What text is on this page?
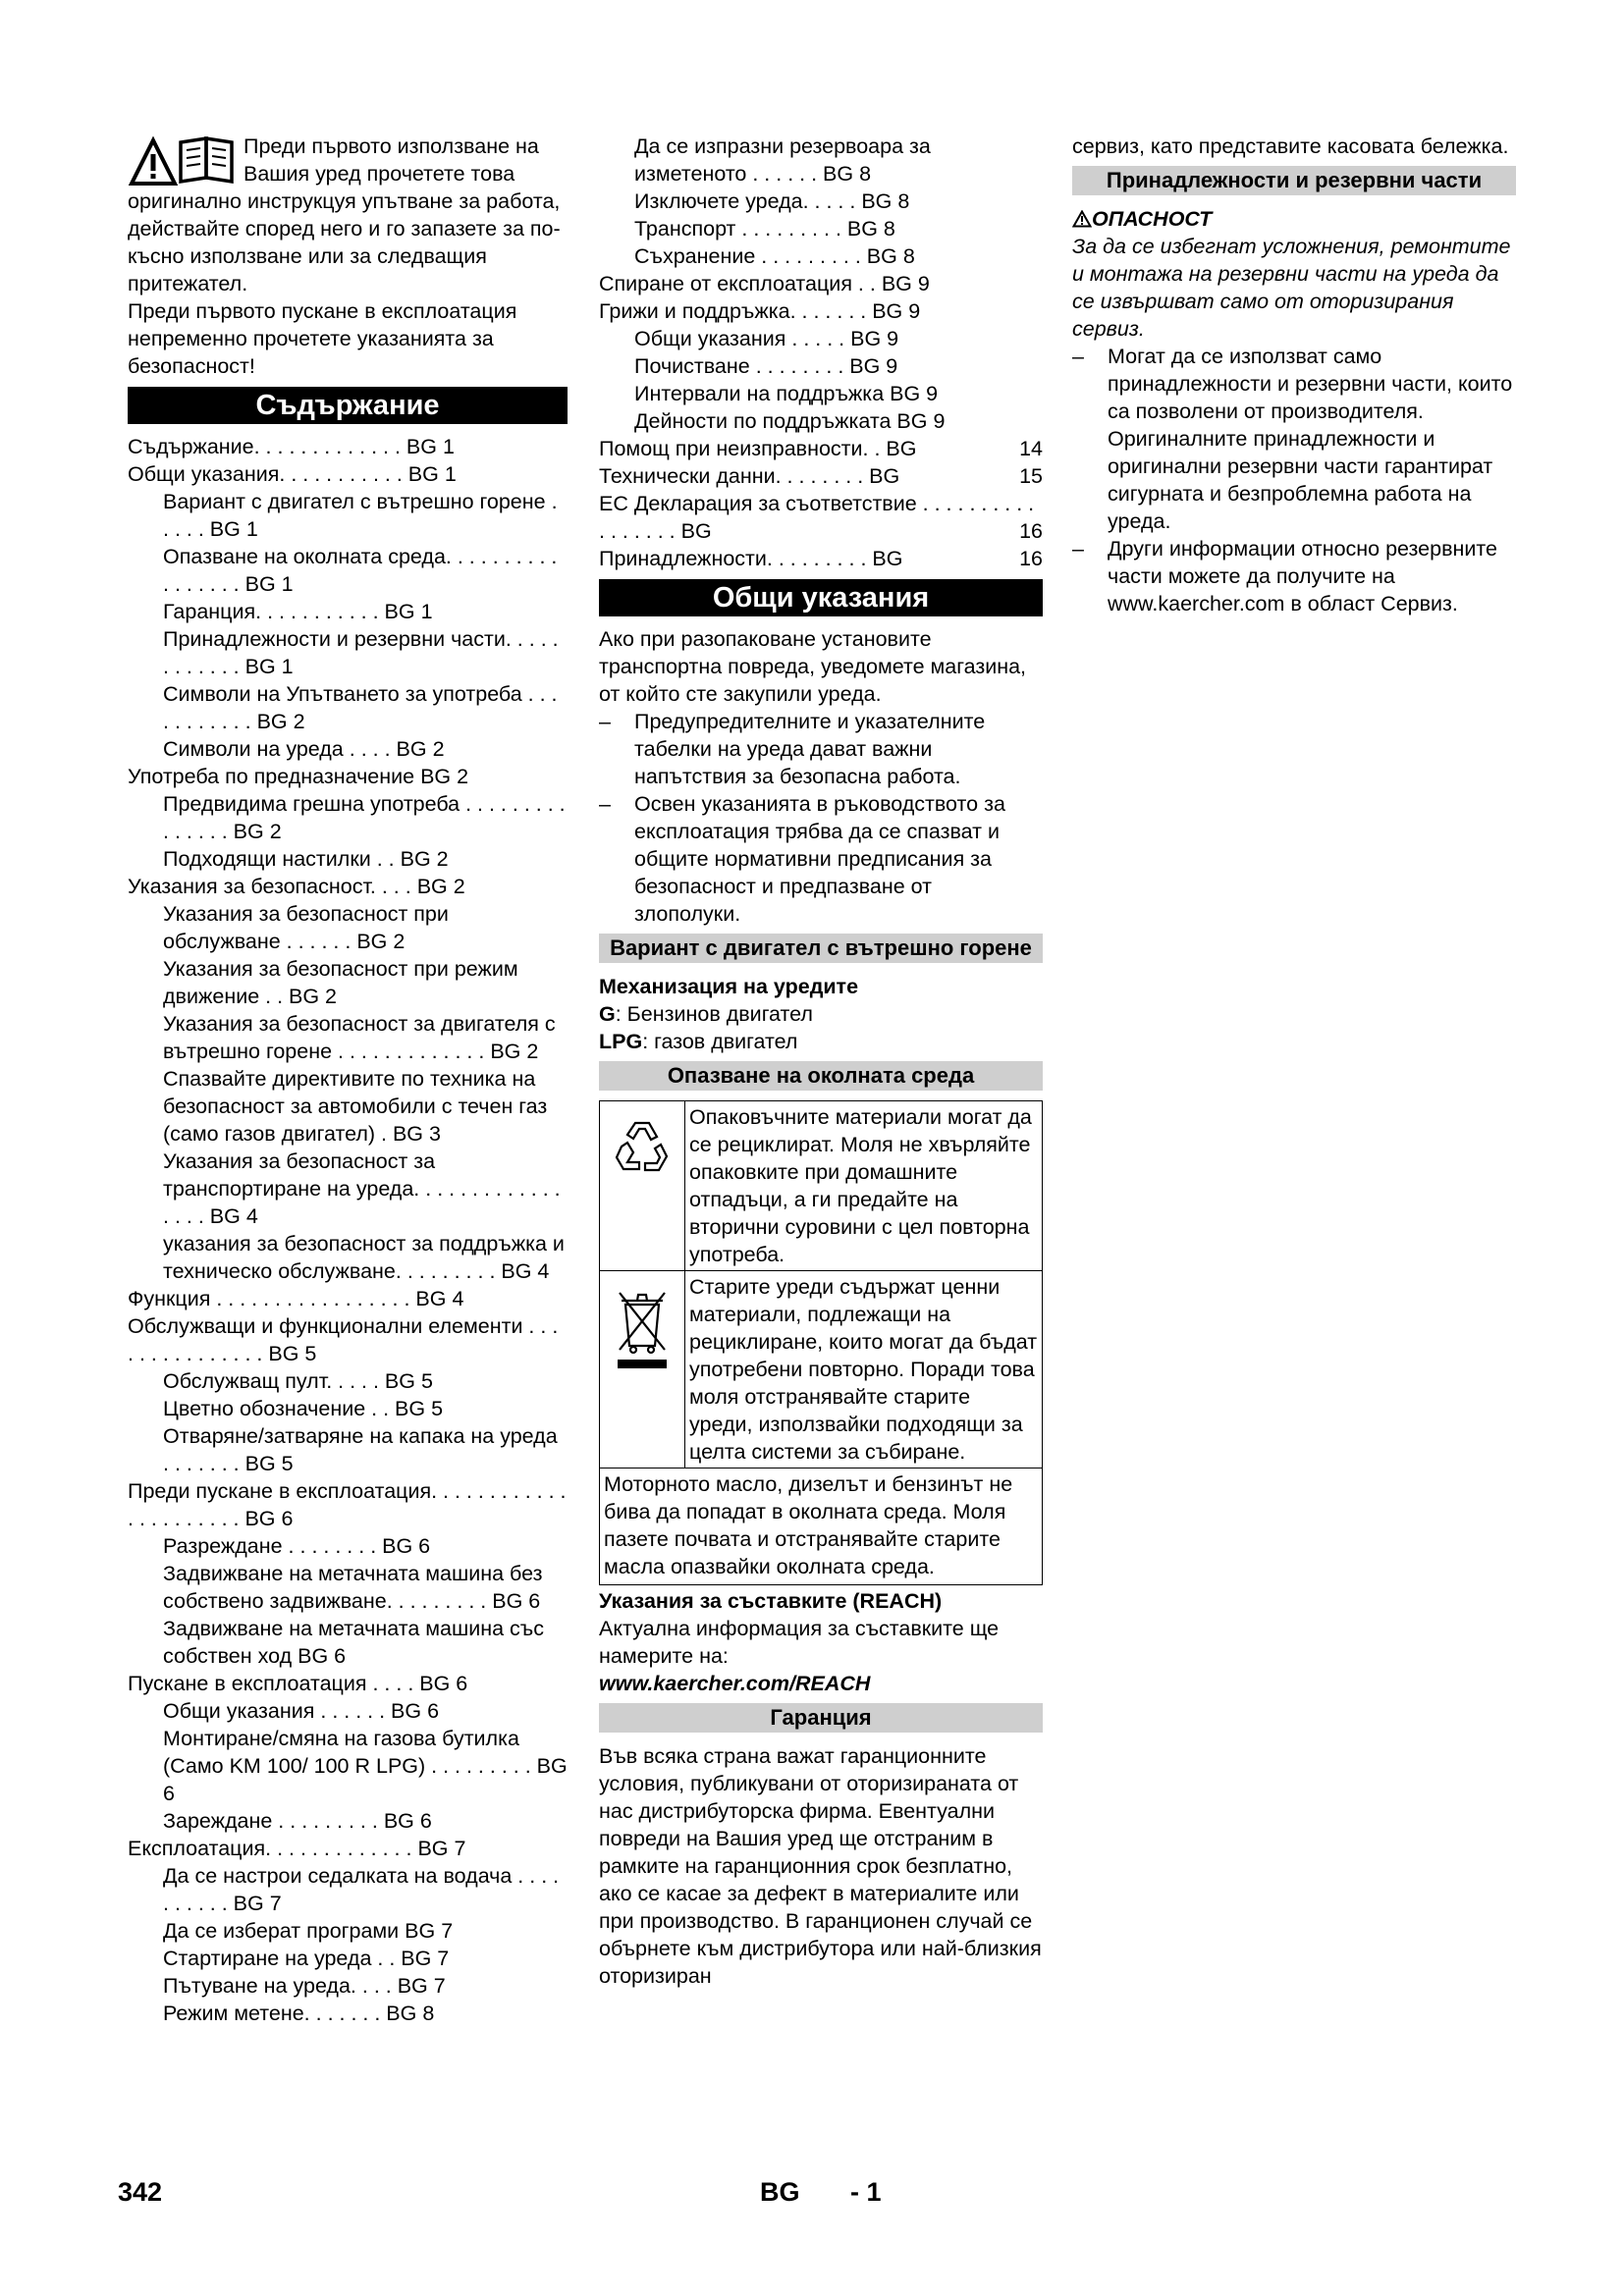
Преди първото използване на Вашия уред прочетете това

оригинално инструкцуя упътване за работа, действайте според него и го запазете за по-късно използване или за следващия притежател.

Преди първото пускане в експлоатация непременно прочетете указанията за безопасност!

Съдържание
Съдържание. . . . . . . . . . . . . BG 1
Общи указания. . . . . . . . . . . BG 1
Вариант с двигател с вътрешно горене . . . . . BG 1
Опазване на околната среда. . . . . . . . . . . . . . . . . BG 1
Гаранция. . . . . . . . . . . BG 1
Принадлежности и резервни части. . . . . . . . . . . . BG 1
Символи на Упътването за употреба . . . . . . . . . . . BG 2
Символи на уреда . . . . BG 2
Употреба по предназначение BG 2
Предвидима грешна употреба . . . . . . . . . . . . . . . BG 2
Подходящи настилки . . BG 2
Указания за безопасност. . . . BG 2
Указания за безопасност при обслужване . . . . . . BG 2
Указания за безопасност при режим движение . . BG 2
Указания за безопасност за двигателя с вътрешно горене . . . . . . . . . . . . . BG 2
Спазвайте директивите по техника на безопасност за автомобили с течен газ (само газов двигател) . BG 3
Указания за безопасност за транспортиране на уреда. . . . . . . . . . . . . . . . . BG 4
указания за безопасност за поддръжка и техническо обслужване. . . . . . . . . BG 4
Функция . . . . . . . . . . . . . . . . . BG 4
Обслужващи и функционални елементи . . . . . . . . . . . . . . . BG 5
Обслужващ пулт. . . . . BG 5
Цветно обозначение . . BG 5
Отваряне/затваряне на капака на уреда . . . . . . . BG 5
Преди пускане в експлоатация. . . . . . . . . . . . . . . . . . . . . . BG 6
Разреждане . . . . . . . . BG 6
Задвижване на метачната машина без собствено задвижване. . . . . . . . . BG 6
Задвижване на метачната машина със собствен ход BG 6
Пускане в експлоатация . . . . BG 6
Общи указания . . . . . . BG 6
Монтиране/смяна на газова бутилка (Само KM 100/ 100 R LPG) . . . . . . . . . BG 6
Зареждане . . . . . . . . . BG 6
Експлоатация. . . . . . . . . . . . . BG 7
Да се настрои седалката на водача . . . . . . . . . . BG 7
Да се изберат програми BG 7
Стартиране на уреда . . BG 7
Пътуване на уреда. . . . BG 7
Режим метене. . . . . . . BG 8
Да се изпразни резервоара за изметеното . . . . . . BG 8
Изключете уреда. . . . . BG 8
Транспорт . . . . . . . . . BG 8
Съхранение . . . . . . . . . BG 8
Спиране от експлоатация . . BG 9
Грижи и поддръжка. . . . . . . BG 9
Общи указания . . . . . BG 9
Почистване . . . . . . . . BG 9
Интервали на поддръжка BG 9
Дейности по поддръжката BG 9
Помощ при неизправности. . BG	14
Технически данни. . . . . . . . BG	15
ЕС Декларация за съответствие . . . . . . . . . . . . . . . . . BG	16
Принадлежности. . . . . . . . . BG	16
Общи указания

Ако при разопаковане установите транспортна повреда, уведомете магазина, от който сте закупили уреда.

– Предупредителните и указателните табелки на уреда дават важни напътствия за безопасна работа.
– Освен указанията в ръководството за експлоатация трябва да се спазват и общите нормативни предписания за безопасност и предпазване от злополуки.
Вариант с двигател с вътрешно горене

Механизация на уредите

G: Бензинов двигател

LPG: газов двигател

Опазване на околната среда
	Опаковъчните материали могат да се рециклират. Моля не хвърляйте опаковките при домашните отпадъци, а ги предайте на вторични суровини с цел повторна употреба.
	Старите уреди съдържат ценни материали, подлежащи на рециклиране, които могат да бъдат употребени повторно. Поради това моля отстранявайте старите уреди, използвайки подходящи за целта системи за събиране.
Моторното масло, дизелът и бензинът не бива да попадат в околната среда. Моля пазете почвата и отстранявайте старите масла опазвайки околната среда.	

Указания за съставките (REACH)

Актуална информация за съставките ще намерите на:

www.kaercher.com/REACH

Гаранция

Във всяка страна важат гаранционните условия, публикувани от оторизираната от нас дистрибуторска фирма. Евентуални повреди на Вашия уред ще отстраним в рамките на гаранционния срок безплатно, ако се касае за дефект в материалите или при производство. В гаранционен случай се обърнете към дистрибутора или най-близкия оторизиран

сервиз, като представите касовата бележка.

Принадлежности и резервни части

ОПАСНОСТ

За да се избегнат усложнения, ремонтите и монтажа на резервни части на уреда да се извършват само от оторизирания сервиз.

– Могат да се използват само принадлежности и резервни части, които са позволени от производителя. Оригиналните принадлежности и оригинални резервни части гарантират сигурната и безпроблемна работа на уреда.
– Други информации относно резервните части можете да получите на www.kaercher.com в област Сервиз.
342	BG - 1
